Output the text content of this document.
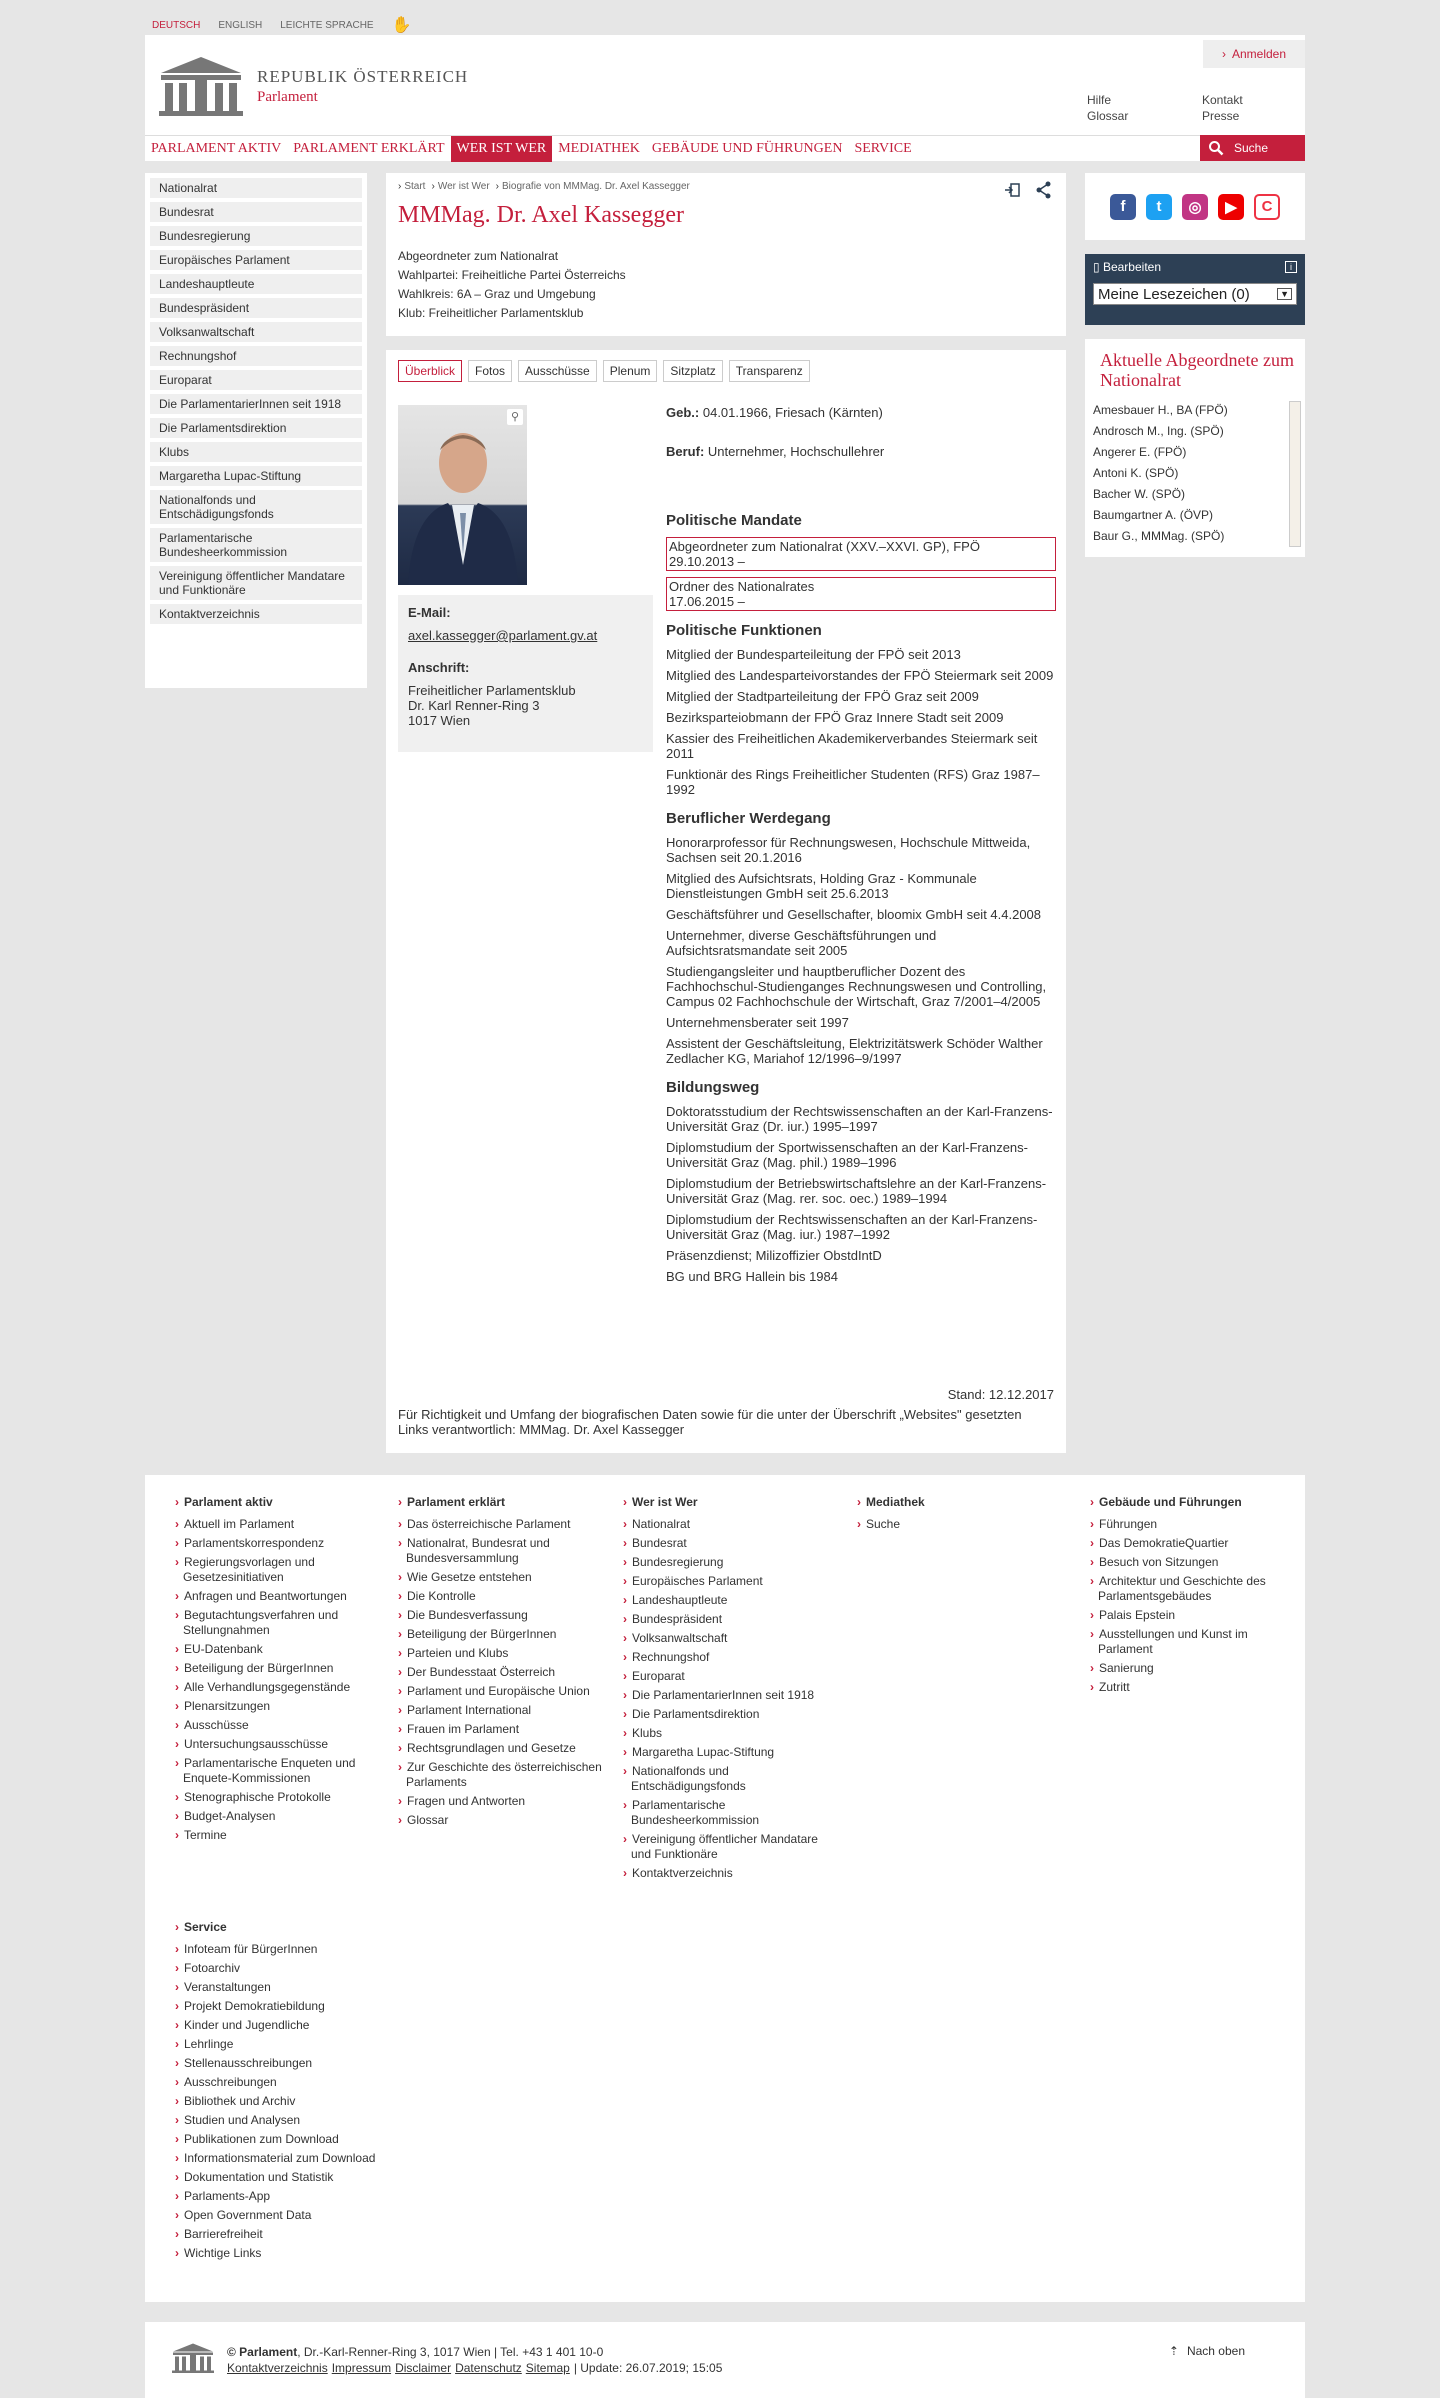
DEUTSCH ENGLISH LEICHTE SPRACHE ✋
REPUBLIK ÖSTERREICH
Parlament
› Anmelden
Hilfe
Glossar
Kontakt
Presse
PARLAMENT AKTIV PARLAMENT ERKLÄRT WER IST WER MEDIATHEK GEBÄUDE UND FÜHRUNGEN SERVICE	Suche
Nationalrat
Bundesrat
Bundesregierung
Europäisches Parlament
Landeshauptleute
Bundespräsident
Volksanwaltschaft
Rechnungshof
Europarat
Die ParlamentarierInnen seit 1918
Die Parlamentsdirektion
Klubs
Margaretha Lupac-Stiftung
Nationalfonds und Entschädigungsfonds
Parlamentarische Bundesheerkommission
Vereinigung öffentlicher Mandatare und Funktionäre
Kontaktverzeichnis
› Start	› Wer ist Wer	› Biografie von MMMag. Dr. Axel Kassegger
MMMag. Dr. Axel Kassegger
Abgeordneter zum Nationalrat
Wahlpartei: Freiheitliche Partei Österreichs
Wahlkreis: 6A – Graz und Umgebung
Klub: Freiheitlicher Parlamentsklub
Überblick	Fotos	Ausschüsse	Plenum	Sitzplatz	Transparenz
⚲
E-Mail:
axel.kassegger@parlament.gv.at
Anschrift:
Freiheitlicher Parlamentsklub
Dr. Karl Renner-Ring 3
1017 Wien
Geb.: 04.01.1966, Friesach (Kärnten)
Beruf: Unternehmer, Hochschullehrer
Politische Mandate
Abgeordneter zum Nationalrat (XXV.–XXVI. GP), FPÖ
29.10.2013 –
Ordner des Nationalrates
17.06.2015 –
Politische Funktionen
Mitglied der Bundesparteileitung der FPÖ seit 2013
Mitglied des Landesparteivorstandes der FPÖ Steiermark seit 2009
Mitglied der Stadtparteileitung der FPÖ Graz seit 2009
Bezirksparteiobmann der FPÖ Graz Innere Stadt seit 2009
Kassier des Freiheitlichen Akademikerverbandes Steiermark seit 2011
Funktionär des Rings Freiheitlicher Studenten (RFS) Graz 1987–1992
Beruflicher Werdegang
Honorarprofessor für Rechnungswesen, Hochschule Mittweida, Sachsen seit 20.1.2016
Mitglied des Aufsichtsrats, Holding Graz - Kommunale Dienstleistungen GmbH seit 25.6.2013
Geschäftsführer und Gesellschafter, bloomix GmbH seit 4.4.2008
Unternehmer, diverse Geschäftsführungen und Aufsichtsratsmandate seit 2005
Studiengangsleiter und hauptberuflicher Dozent des Fachhochschul-Studienganges Rechnungswesen und Controlling, Campus 02 Fachhochschule der Wirtschaft, Graz 7/2001–4/2005
Unternehmensberater seit 1997
Assistent der Geschäftsleitung, Elektrizitätswerk Schöder Walther Zedlacher KG, Mariahof 12/1996–9/1997
Bildungsweg
Doktoratsstudium der Rechtswissenschaften an der Karl-Franzens-Universität Graz (Dr. iur.) 1995–1997
Diplomstudium der Sportwissenschaften an der Karl-Franzens-Universität Graz (Mag. phil.) 1989–1996
Diplomstudium der Betriebswirtschaftslehre an der Karl-Franzens-Universität Graz (Mag. rer. soc. oec.) 1989–1994
Diplomstudium der Rechtswissenschaften an der Karl-Franzens-Universität Graz (Mag. iur.) 1987–1992
Präsenzdienst; Milizoffizier ObstdIntD
BG und BRG Hallein bis 1984
Stand: 12.12.2017
Für Richtigkeit und Umfang der biografischen Daten sowie für die unter der Überschrift „Websites" gesetzten Links verantwortlich: MMMag. Dr. Axel Kassegger
f	t	◎	▶	C
▯ Bearbeiten	i
Meine Lesezeichen (0)	▼
Aktuelle Abgeordnete zum Nationalrat
Amesbauer H., BA (FPÖ)
Androsch M., Ing. (SPÖ)
Angerer E. (FPÖ)
Antoni K. (SPÖ)
Bacher W. (SPÖ)
Baumgartner A. (ÖVP)
Baur G., MMMag. (SPÖ)
› Parlament aktiv
› Aktuell im Parlament
› Parlamentskorrespondenz
› Regierungsvorlagen und Gesetzesinitiativen
› Anfragen und Beantwortungen
› Begutachtungsverfahren und Stellungnahmen
› EU-Datenbank
› Beteiligung der BürgerInnen
› Alle Verhandlungsgegenstände
› Plenarsitzungen
› Ausschüsse
› Untersuchungsausschüsse
› Parlamentarische Enqueten und Enquete-Kommissionen
› Stenographische Protokolle
› Budget-Analysen
› Termine
› Parlament erklärt
› Das österreichische Parlament
› Nationalrat, Bundesrat und Bundesversammlung
› Wie Gesetze entstehen
› Die Kontrolle
› Die Bundesverfassung
› Beteiligung der BürgerInnen
› Parteien und Klubs
› Der Bundesstaat Österreich
› Parlament und Europäische Union
› Parlament International
› Frauen im Parlament
› Rechtsgrundlagen und Gesetze
› Zur Geschichte des österreichischen Parlaments
› Fragen und Antworten
› Glossar
› Wer ist Wer
› Nationalrat
› Bundesrat
› Bundesregierung
› Europäisches Parlament
› Landeshauptleute
› Bundespräsident
› Volksanwaltschaft
› Rechnungshof
› Europarat
› Die ParlamentarierInnen seit 1918
› Die Parlamentsdirektion
› Klubs
› Margaretha Lupac-Stiftung
› Nationalfonds und Entschädigungsfonds
› Parlamentarische Bundesheerkommission
› Vereinigung öffentlicher Mandatare und Funktionäre
› Kontaktverzeichnis
› Mediathek
› Suche
› Gebäude und Führungen
› Führungen
› Das DemokratieQuartier
› Besuch von Sitzungen
› Architektur und Geschichte des Parlamentsgebäudes
› Palais Epstein
› Ausstellungen und Kunst im Parlament
› Sanierung
› Zutritt
› Service
› Infoteam für BürgerInnen
› Fotoarchiv
› Veranstaltungen
› Projekt Demokratiebildung
› Kinder und Jugendliche
› Lehrlinge
› Stellenausschreibungen
› Ausschreibungen
› Bibliothek und Archiv
› Studien und Analysen
› Publikationen zum Download
› Informationsmaterial zum Download
› Dokumentation und Statistik
› Parlaments-App
› Open Government Data
› Barrierefreiheit
› Wichtige Links
© Parlament, Dr.-Karl-Renner-Ring 3, 1017 Wien | Tel. +43 1 401 10-0
Kontaktverzeichnis Impressum Disclaimer Datenschutz Sitemap | Update: 26.07.2019; 15:05
⇡ Nach oben
